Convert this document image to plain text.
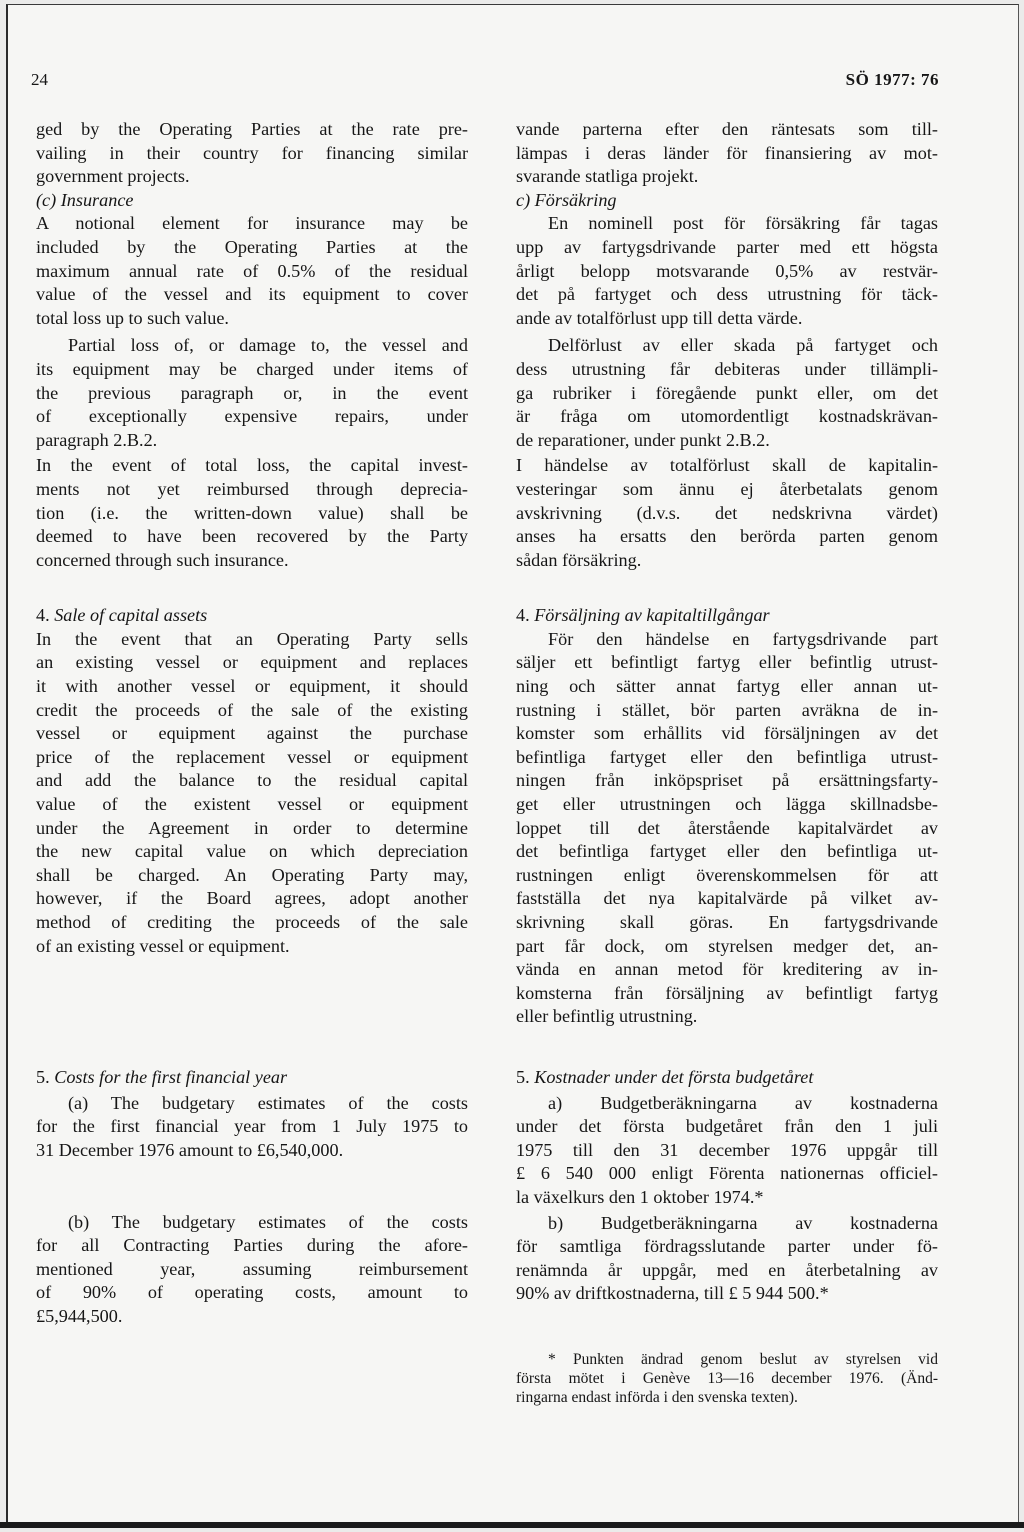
24	SÖ 1977: 76
ged by the Operating Parties at the rate pre-
vailing in their country for financing similar
government projects.
(c) Insurance
A notional element for insurance may be
included by the Operating Parties at the
maximum annual rate of 0.5% of the residual
value of the vessel and its equipment to cover
total loss up to such value.
Partial loss of, or damage to, the vessel and
its equipment may be charged under items of
the previous paragraph or, in the event
of exceptionally expensive repairs, under
paragraph 2.B.2.
In the event of total loss, the capital invest-
ments not yet reimbursed through deprecia-
tion (i.e. the written-down value) shall be
deemed to have been recovered by the Party
concerned through such insurance.
4. Sale of capital assets
In the event that an Operating Party sells
an existing vessel or equipment and replaces
it with another vessel or equipment, it should
credit the proceeds of the sale of the existing
vessel or equipment against the purchase
price of the replacement vessel or equipment
and add the balance to the residual capital
value of the existent vessel or equipment
under the Agreement in order to determine
the new capital value on which depreciation
shall be charged. An Operating Party may,
however, if the Board agrees, adopt another
method of crediting the proceeds of the sale
of an existing vessel or equipment.
5. Costs for the first financial year
(a) The budgetary estimates of the costs
for the first financial year from 1 July 1975 to
31 December 1976 amount to £6,540,000.
(b) The budgetary estimates of the costs
for all Contracting Parties during the afore-
mentioned year, assuming reimbursement
of 90% of operating costs, amount to
£5,944,500.
vande parterna efter den räntesats som till-
lämpas i deras länder för finansiering av mot-
svarande statliga projekt.
c) Försäkring
En nominell post för försäkring får tagas
upp av fartygsdrivande parter med ett högsta
årligt belopp motsvarande 0,5% av restvär-
det på fartyget och dess utrustning för täck-
ande av totalförlust upp till detta värde.
Delförlust av eller skada på fartyget och
dess utrustning får debiteras under tillämpli-
ga rubriker i föregående punkt eller, om det
är fråga om utomordentligt kostnadskrävan-
de reparationer, under punkt 2.B.2.
I händelse av totalförlust skall de kapitalin-
vesteringar som ännu ej återbetalats genom
avskrivning (d.v.s. det nedskrivna värdet)
anses ha ersatts den berörda parten genom
sådan försäkring.
4. Försäljning av kapitaltillgångar
För den händelse en fartygsdrivande part
säljer ett befintligt fartyg eller befintlig utrust-
ning och sätter annat fartyg eller annan ut-
rustning i stället, bör parten avräkna de in-
komster som erhållits vid försäljningen av det
befintliga fartyget eller den befintliga utrust-
ningen från inköpspriset på ersättningsfarty-
get eller utrustningen och lägga skillnadsbe-
loppet till det återstående kapitalvärdet av
det befintliga fartyget eller den befintliga ut-
rustningen enligt överenskommelsen för att
fastställa det nya kapitalvärde på vilket av-
skrivning skall göras. En fartygsdrivande
part får dock, om styrelsen medger det, an-
vända en annan metod för kreditering av in-
komsterna från försäljning av befintligt fartyg
eller befintlig utrustning.
5. Kostnader under det första budgetåret
a) Budgetberäkningarna av kostnaderna
under det första budgetåret från den 1 juli
1975 till den 31 december 1976 uppgår till
£ 6 540 000 enligt Förenta nationernas officiel-
la växelkurs den 1 oktober 1974.*
b) Budgetberäkningarna av kostnaderna
för samtliga fördragsslutande parter under fö-
renämnda år uppgår, med en återbetalning av
90% av driftkostnaderna, till £ 5 944 500.*
* Punkten ändrad genom beslut av styrelsen vid
första mötet i Genève 13—16 december 1976. (Änd-
ringarna endast införda i den svenska texten).
